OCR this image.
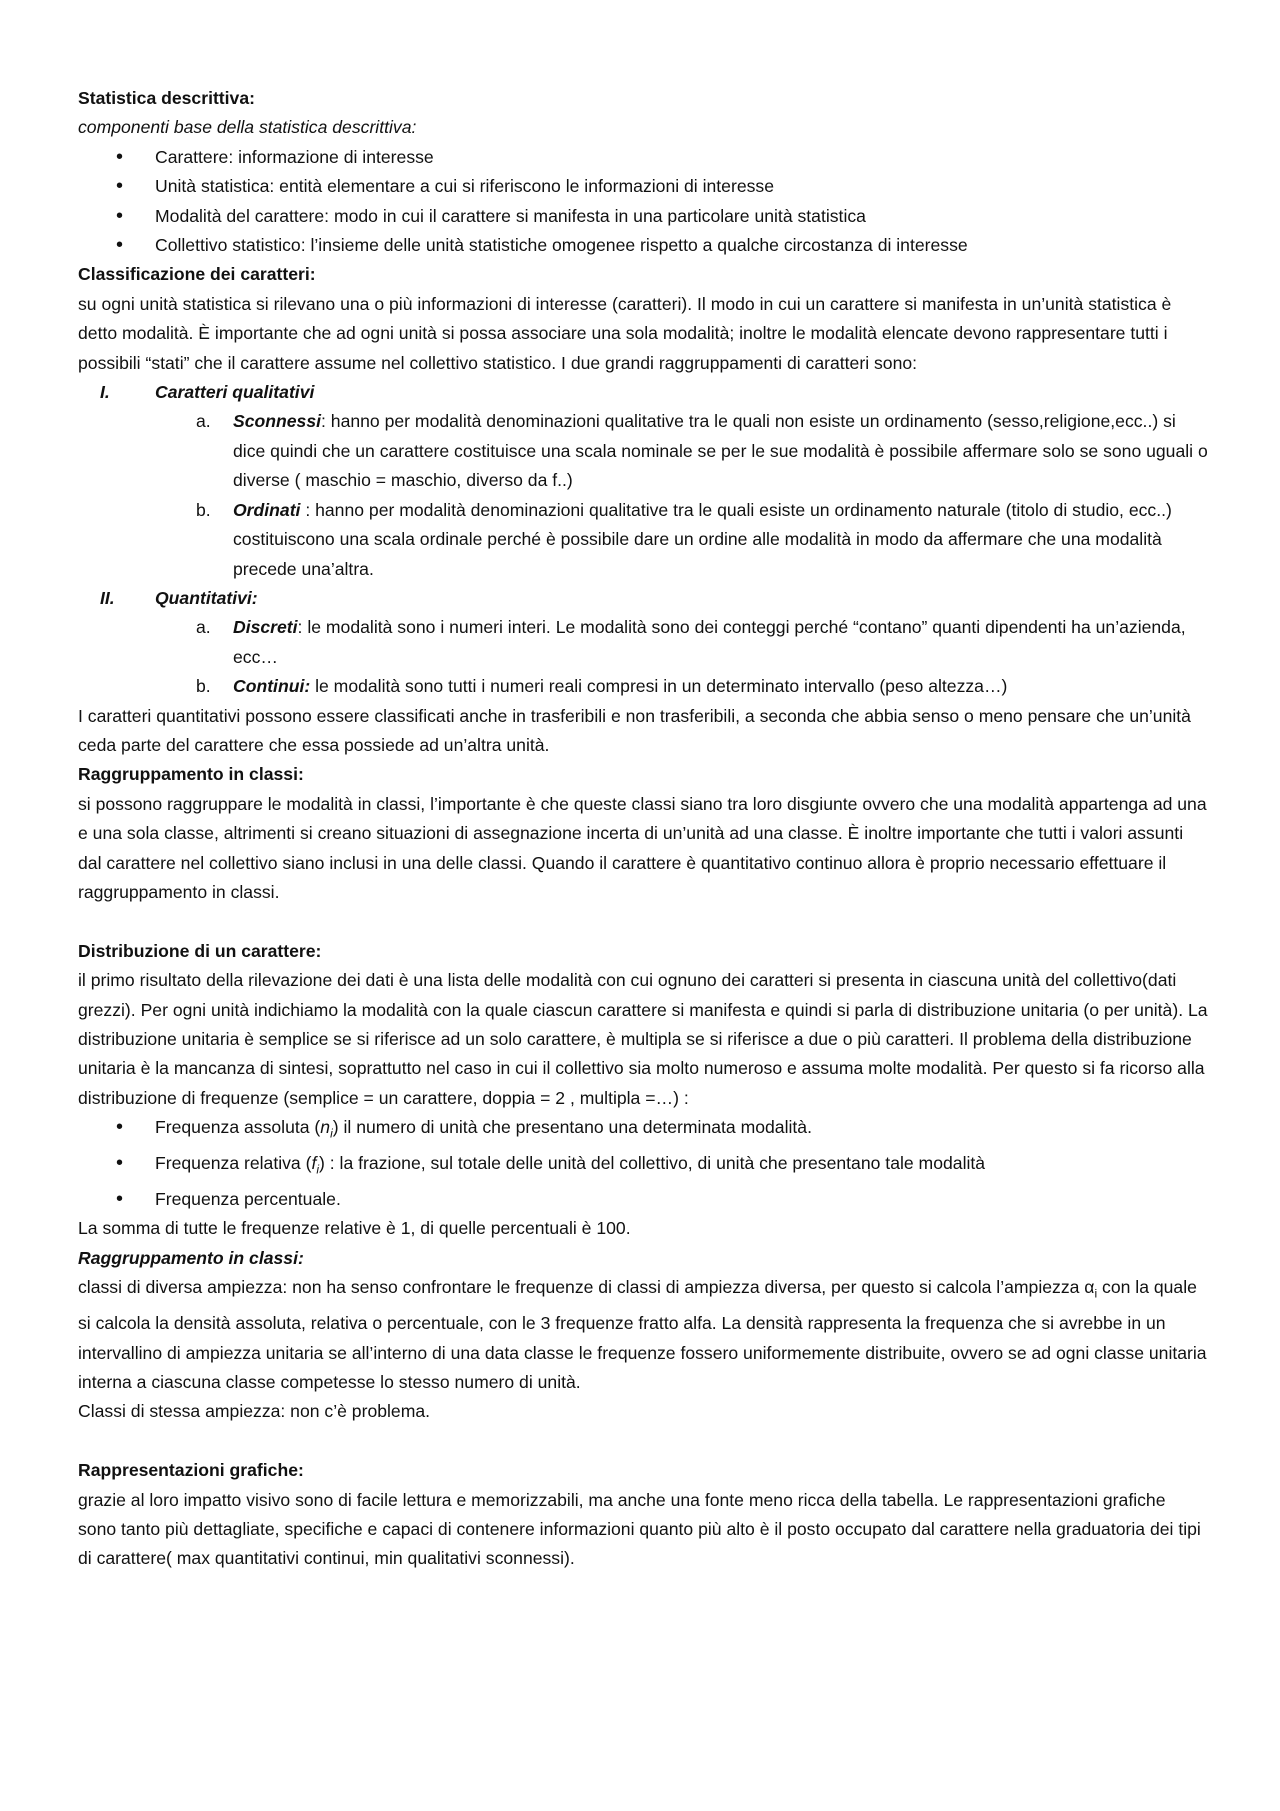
Statistica descrittiva:

componenti base della statistica descrittiva:

• Carattere: informazione di interesse
• Unità statistica: entità elementare a cui si riferiscono le informazioni di interesse
• Modalità del carattere: modo in cui il carattere si manifesta in una particolare unità statistica
• Collettivo statistico: l’insieme delle unità statistiche omogenee rispetto a qualche circostanza di interesse

Classificazione dei caratteri:

su ogni unità statistica si rilevano una o più informazioni di interesse (caratteri). Il modo in cui un carattere si manifesta in un’unità statistica è detto modalità. È importante che ad ogni unità si possa associare una sola modalità; inoltre le modalità elencate devono rappresentare tutti i possibili “stati” che il carattere assume nel collettivo statistico. I due grandi raggruppamenti di caratteri sono:

I.	Caratteri qualitativi
a. Sconnessi: hanno per modalità denominazioni qualitative tra le quali non esiste un ordinamento (sesso,religione,ecc..) si dice quindi che un carattere costituisce una scala nominale se per le sue modalità è possibile affermare solo se sono uguali o diverse ( maschio = maschio, diverso da f..)
b. Ordinati : hanno per modalità denominazioni qualitative tra le quali esiste un ordinamento naturale (titolo di studio, ecc..) costituiscono una scala ordinale perché è possibile dare un ordine alle modalità in modo da affermare che una modalità precede una’altra.
II. Quantitativi:
a. Discreti: le modalità sono i numeri interi. Le modalità sono dei conteggi perché “contano” quanti dipendenti ha un’azienda, ecc…
b. Continui: le modalità sono tutti i numeri reali compresi in un determinato intervallo (peso altezza…)

I caratteri quantitativi possono essere classificati anche in trasferibili e non trasferibili, a seconda che abbia senso o meno pensare che un’unità ceda parte del carattere che essa possiede ad un’altra unità.

Raggruppamento in classi:

si possono raggruppare le modalità in classi, l’importante è che queste classi siano tra loro disgiunte ovvero che una modalità appartenga ad una e una sola classe, altrimenti si creano situazioni di assegnazione incerta di un’unità ad una classe. È inoltre importante che tutti i valori assunti dal carattere nel collettivo siano inclusi in una delle classi. Quando il carattere è quantitativo continuo allora è proprio necessario effettuare il raggruppamento in classi.

Distribuzione di un carattere:

il primo risultato della rilevazione dei dati è una lista delle modalità con cui ognuno dei caratteri si presenta in ciascuna unità del collettivo(dati grezzi). Per ogni unità indichiamo la modalità con la quale ciascun carattere si manifesta e quindi si parla di distribuzione unitaria (o per unità). La distribuzione unitaria è semplice se si riferisce ad un solo carattere, è multipla se si riferisce a due o più caratteri. Il problema della distribuzione unitaria è la mancanza di sintesi, soprattutto nel caso in cui il collettivo sia molto numeroso e assuma molte modalità. Per questo si fa ricorso alla distribuzione di frequenze (semplice = un carattere, doppia = 2 , multipla =…) :

• Frequenza assoluta $(n_i)$ il numero di unità che presentano una determinata modalità.
• Frequenza relativa $(f_i)$ : la frazione, sul totale delle unità del collettivo, di unità che presentano tale modalità
• Frequenza percentuale.

La somma di tutte le frequenze relative è 1, di quelle percentuali è 100.

Raggruppamento in classi:

classi di diversa ampiezza: non ha senso confrontare le frequenze di classi di ampiezza diversa, per questo si calcola l’ampiezza $\alpha_i$ con la quale si calcola la densità assoluta, relativa o percentuale, con le 3 frequenze fratto alfa. La densità rappresenta la frequenza che si avrebbe in un intervallino di ampiezza unitaria se all’interno di una data classe le frequenze fossero uniformemente distribuite, ovvero se ad ogni classe unitaria interna a ciascuna classe competesse lo stesso numero di unità.

Classi di stessa ampiezza: non c’è problema.

Rappresentazioni grafiche:

grazie al loro impatto visivo sono di facile lettura e memorizzabili, ma anche una fonte meno ricca della tabella. Le rappresentazioni grafiche sono tanto più dettagliate, specifiche e capaci di contenere informazioni quanto più alto è il posto occupato dal carattere nella graduatoria dei tipi di carattere( max quantitativi continui, min qualitativi sconnessi).
